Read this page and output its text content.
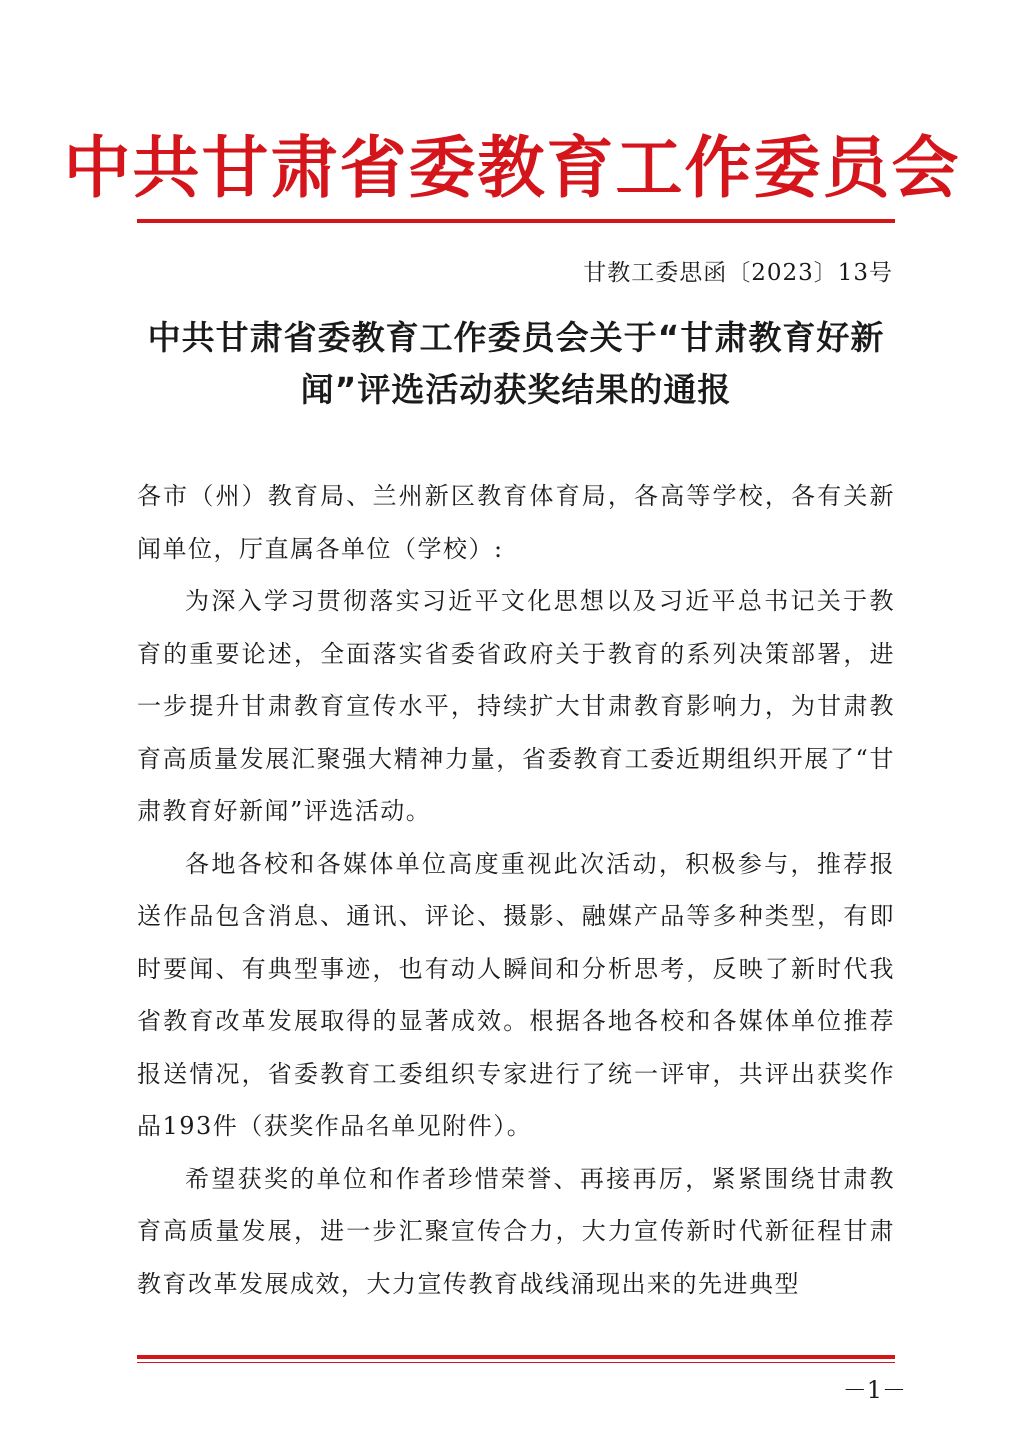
中共甘肃省委教育工作委员会
甘教工委思函〔2023〕13号
中共甘肃省委教育工作委员会关于“甘肃教育好新闻”评选活动获奖结果的通报

各市（州）教育局、兰州新区教育体育局，各高等学校，各有关新闻单位，厅直属各单位（学校）:

为深入学习贯彻落实习近平文化思想以及习近平总书记关于教育的重要论述，全面落实省委省政府关于教育的系列决策部署，进一步提升甘肃教育宣传水平，持续扩大甘肃教育影响力，为甘肃教育高质量发展汇聚强大精神力量，省委教育工委近期组织开展了“甘肃教育好新闻”评选活动。

各地各校和各媒体单位高度重视此次活动，积极参与，推荐报送作品包含消息、通讯、评论、摄影、融媒产品等多种类型，有即时要闻、有典型事迹，也有动人瞬间和分析思考，反映了新时代我省教育改革发展取得的显著成效。根据各地各校和各媒体单位推荐报送情况，省委教育工委组织专家进行了统一评审，共评出获奖作品193件（获奖作品名单见附件）。

希望获奖的单位和作者珍惜荣誉、再接再厉，紧紧围绕甘肃教育高质量发展，进一步汇聚宣传合力，大力宣传新时代新征程甘肃教育改革发展成效，大力宣传教育战线涌现出来的先进典型

－1－
